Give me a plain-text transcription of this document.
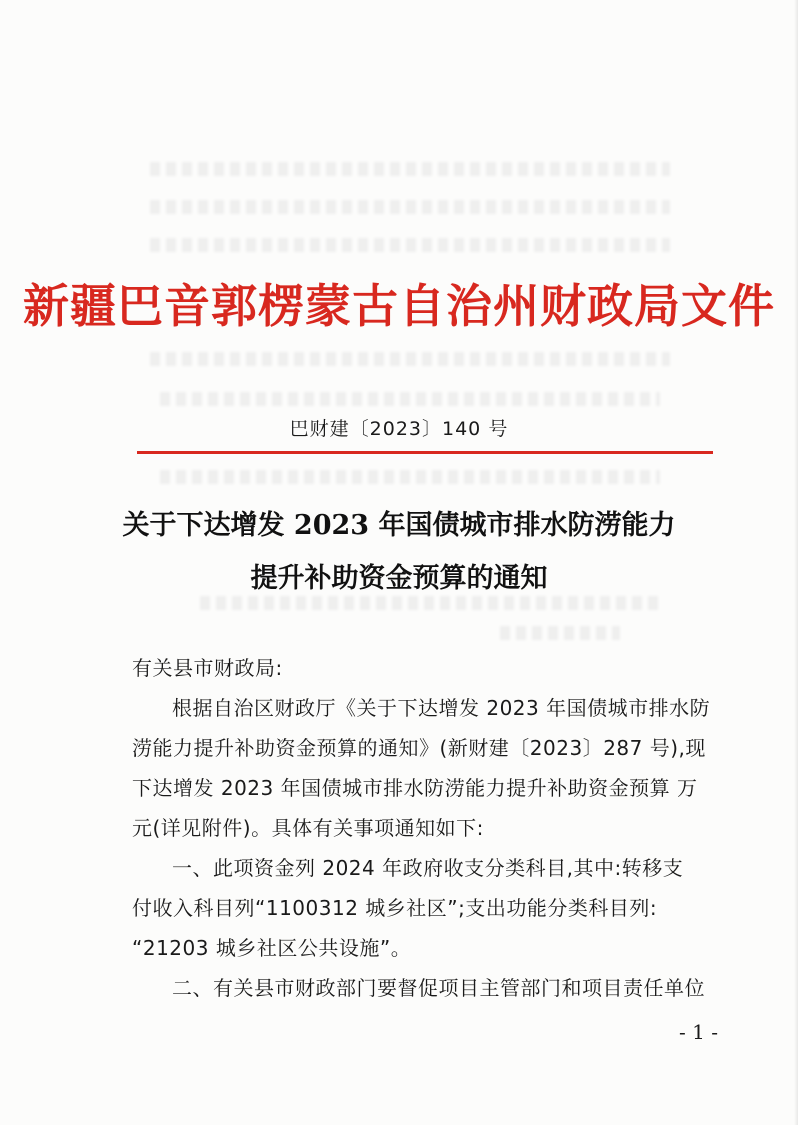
新疆巴音郭楞蒙古自治州财政局文件
巴财建〔2023〕140 号
关于下达增发 2023 年国债城市排水防涝能力
提升补助资金预算的通知
有关县市财政局:
根据自治区财政厅《关于下达增发 2023 年国债城市排水防
涝能力提升补助资金预算的通知》(新财建〔2023〕287 号),现
下达增发 2023 年国债城市排水防涝能力提升补助资金预算 万
元(详见附件)。具体有关事项通知如下:
一、此项资金列 2024 年政府收支分类科目,其中:转移支
付收入科目列“1100312 城乡社区”;支出功能分类科目列:
“21203 城乡社区公共设施”。
二、有关县市财政部门要督促项目主管部门和项目责任单位
- 1 -
